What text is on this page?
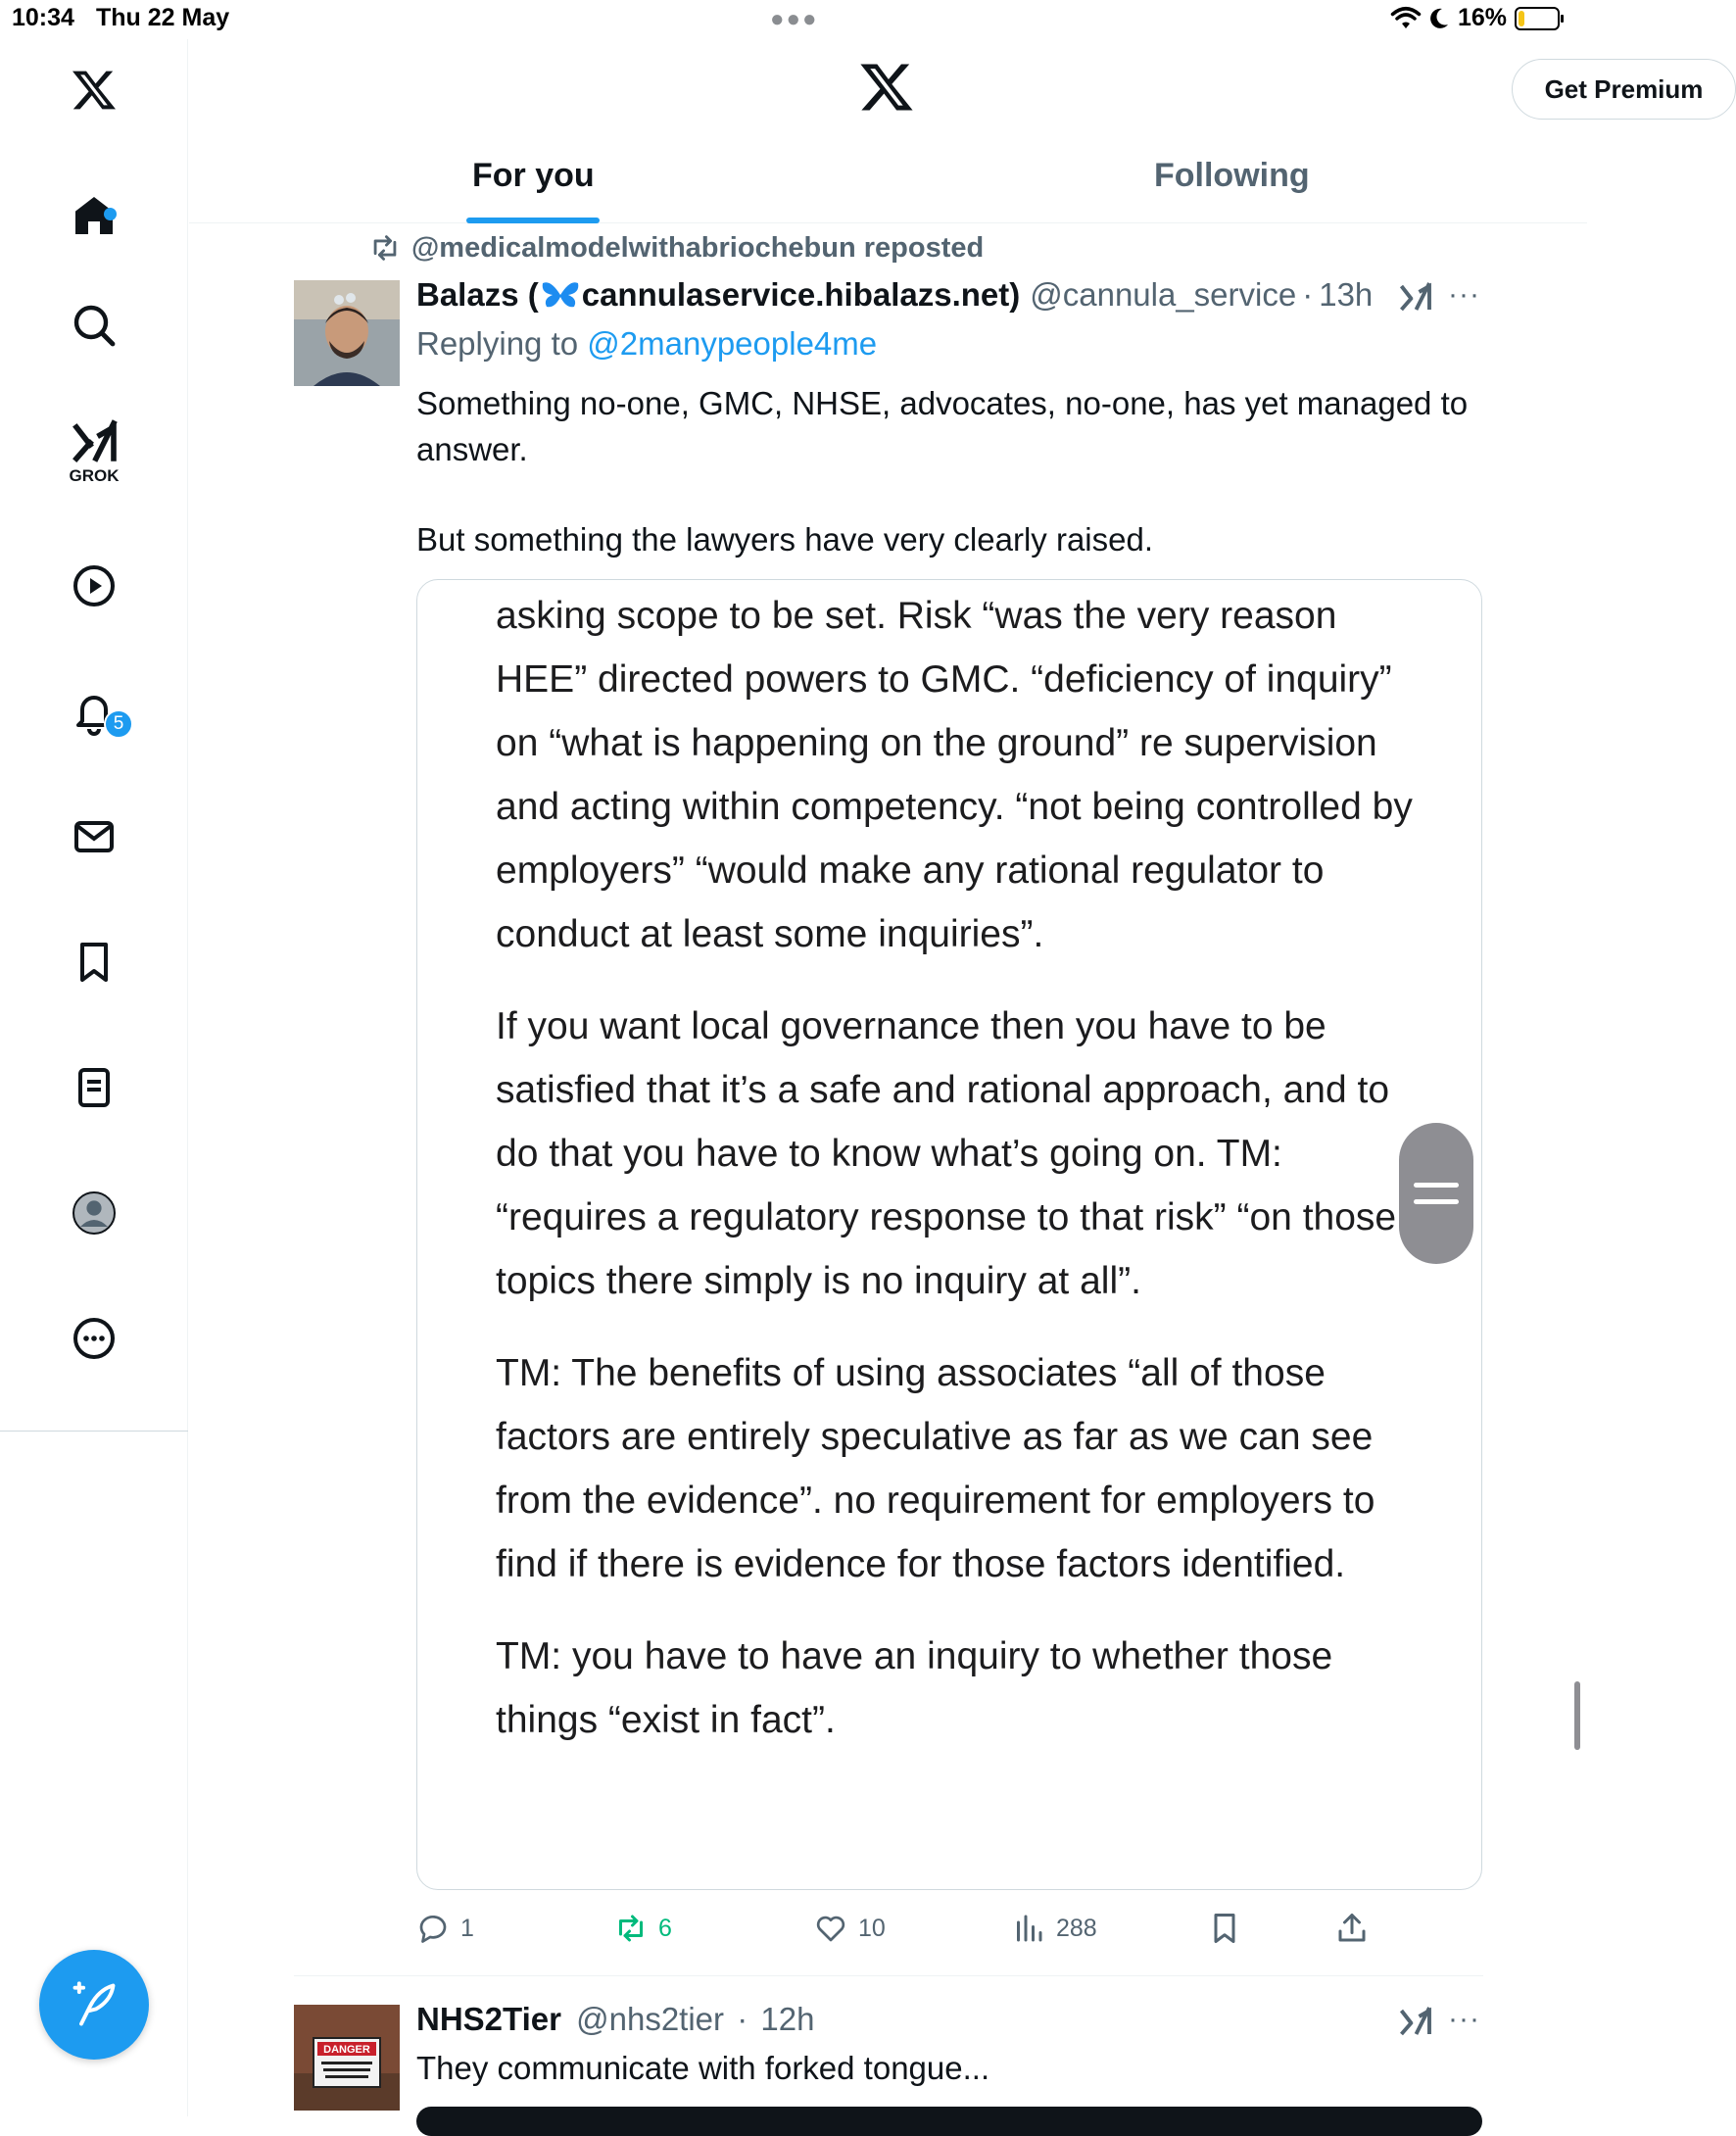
10:34 Thu 22 May	●●●	16%
GROK
5
Get Premium
For you	Following
@medicalmodelwithabriochebun reposted
Balazs ( cannulaservice.hibalazs.net) @cannula_service · 13h	···
Replying to @2manypeople4me

Something no-one, GMC, NHSE, advocates, no-one, has yet managed to answer.

But something the lawyers have very clearly raised.

asking scope to be set. Risk “was the very reason HEE” directed powers to GMC. “deficiency of inquiry” on “what is happening on the ground” re supervision and acting within competency. “not being controlled by employers” “would make any rational regulator to conduct at least some inquiries”.

If you want local governance then you have to be satisfied that it’s a safe and rational approach, and to do that you have to know what’s going on. TM: “requires a regulatory response to that risk” “on those topics there simply is no inquiry at all”.

TM: The benefits of using associates “all of those factors are entirely speculative as far as we can see from the evidence”. no requirement for employers to find if there is evidence for those factors identified.

TM: you have to have an inquiry to whether those things “exist in fact”.

1	6	10	288
DANGER
NHS2Tier @nhs2tier · 12h	···
They communicate with forked tongue...
